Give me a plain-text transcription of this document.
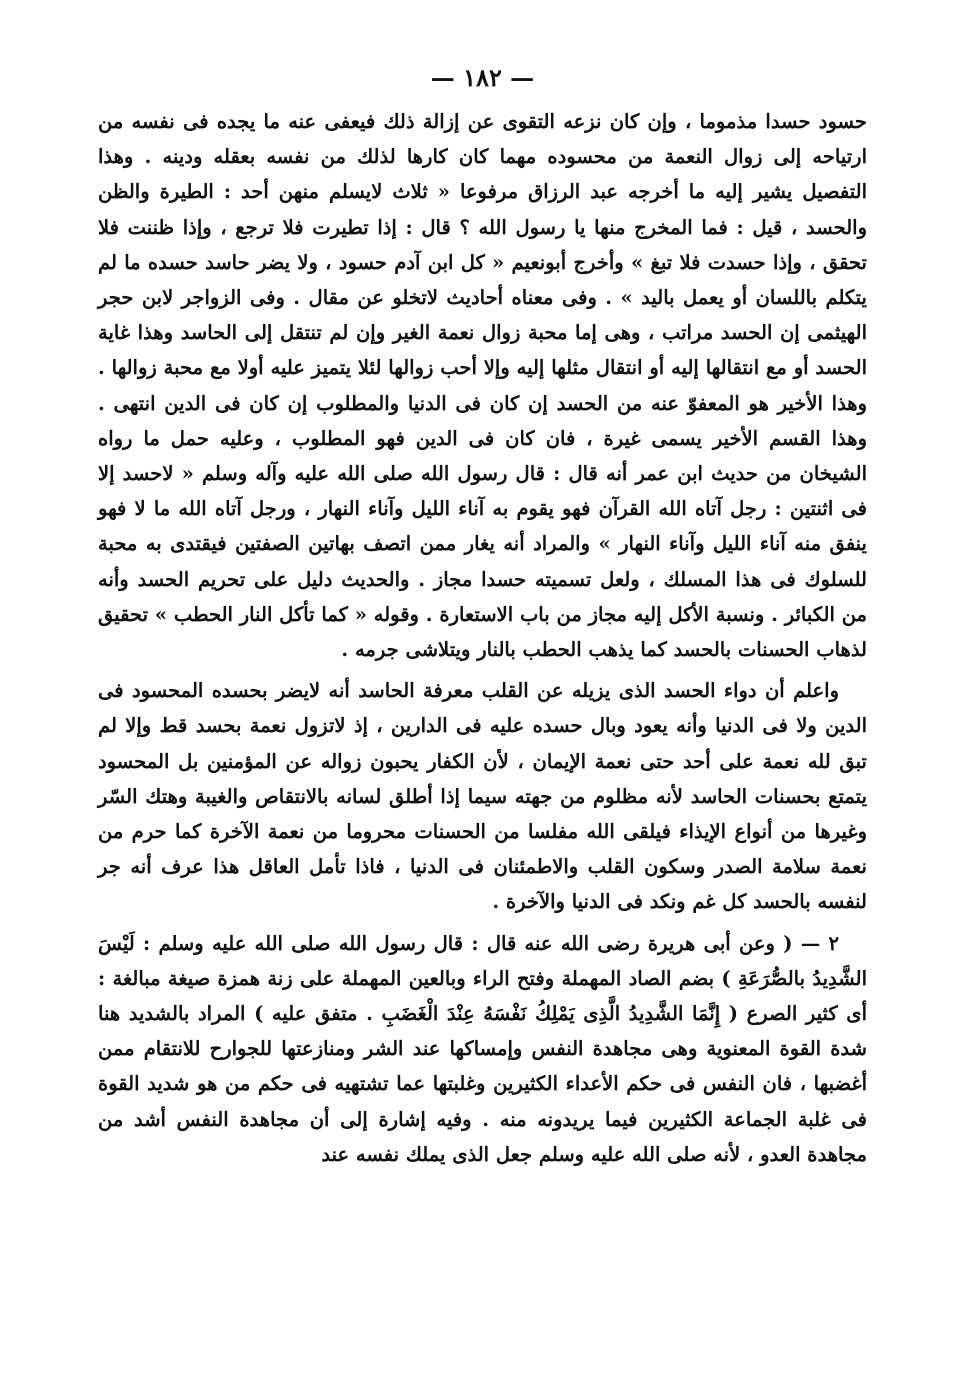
— ١٨٢ —

حسود حسدا مذموما ، وإن كان نزعه التقوى عن إزالة ذلك فيعفى عنه ما يجده فى نفسه من ارتياحه إلى زوال النعمة من محسوده مهما كان كارها لذلك من نفسه بعقله ودينه . وهذا التفصيل يشير إليه ما أخرجه عبد الرزاق مرفوعا « ثلاث لايسلم منهن أحد : الطيرة والظن والحسد ، قيل : فما المخرج منها يا رسول الله ؟ قال : إذا تطيرت فلا ترجع ، وإذا ظننت فلا تحقق ، وإذا حسدت فلا تبغ » وأخرج أبونعيم « كل ابن آدم حسود ، ولا يضر حاسد حسده ما لم يتكلم باللسان أو يعمل باليد » . وفى معناه أحاديث لاتخلو عن مقال . وفى الزواجر لابن حجر الهيثمى إن الحسد مراتب ، وهى إما محبة زوال نعمة الغير وإن لم تنتقل إلى الحاسد وهذا غاية الحسد أو مع انتقالها إليه أو انتقال مثلها إليه وإلا أحب زوالها لئلا يتميز عليه أولا مع محبة زوالها . وهذا الأخير هو المعفوّ عنه من الحسد إن كان فى الدنيا والمطلوب إن كان فى الدين انتهى . وهذا القسم الأخير يسمى غيرة ، فان كان فى الدين فهو المطلوب ، وعليه حمل ما رواه الشيخان من حديث ابن عمر أنه قال : قال رسول الله صلى الله عليه وآله وسلم « لاحسد إلا فى اثنتين : رجل آتاه الله القرآن فهو يقوم به آناء الليل وآناء النهار ، ورجل آتاه الله ما لا فهو ينفق منه آناء الليل وآناء النهار » والمراد أنه يغار ممن اتصف بهاتين الصفتين فيقتدى به محبة للسلوك فى هذا المسلك ، ولعل تسميته حسدا مجاز . والحديث دليل على تحريم الحسد وأنه من الكبائر . ونسبة الأكل إليه مجاز من باب الاستعارة . وقوله « كما تأكل النار الحطب » تحقيق لذهاب الحسنات بالحسد كما يذهب الحطب بالنار ويتلاشى جرمه .

واعلم أن دواء الحسد الذى يزيله عن القلب معرفة الحاسد أنه لايضر بحسده المحسود فى الدين ولا فى الدنيا وأنه يعود وبال حسده عليه فى الدارين ، إذ لاتزول نعمة بحسد قط وإلا لم تبق لله نعمة على أحد حتى نعمة الإيمان ، لأن الكفار يحبون زواله عن المؤمنين بل المحسود يتمتع بحسنات الحاسد لأنه مظلوم من جهته سيما إذا أطلق لسانه بالانتقاص والغيبة وهتك السّر وغيرها من أنواع الإيذاء فيلقى الله مفلسا من الحسنات محروما من نعمة الآخرة كما حرم من نعمة سلامة الصدر وسكون القلب والاطمئنان فى الدنيا ، فاذا تأمل العاقل هذا عرف أنه جر لنفسه بالحسد كل غم ونكد فى الدنيا والآخرة .

٢ — ( وعن أبى هريرة رضى الله عنه قال : قال رسول الله صلى الله عليه وسلم : لَيْسَ الشَّدِيدُ بالصُّرَعَةِ ) بضم الصاد المهملة وفتح الراء وبالعين المهملة على زنة همزة صيغة مبالغة : أى كثير الصرع ( إِنَّمَا الشَّدِيدُ الَّذِى يَمْلِكُ نَفْسَهُ عِنْدَ الْغَضَبِ . متفق عليه ) المراد بالشديد هنا شدة القوة المعنوية وهى مجاهدة النفس وإمساكها عند الشر ومنازعتها للجوارح للانتقام ممن أغضبها ، فان النفس فى حكم الأعداء الكثيرين وغلبتها عما تشتهيه فى حكم من هو شديد القوة فى غلبة الجماعة الكثيرين فيما يريدونه منه . وفيه إشارة إلى أن مجاهدة النفس أشد من مجاهدة العدو ، لأنه صلى الله عليه وسلم جعل الذى يملك نفسه عند
